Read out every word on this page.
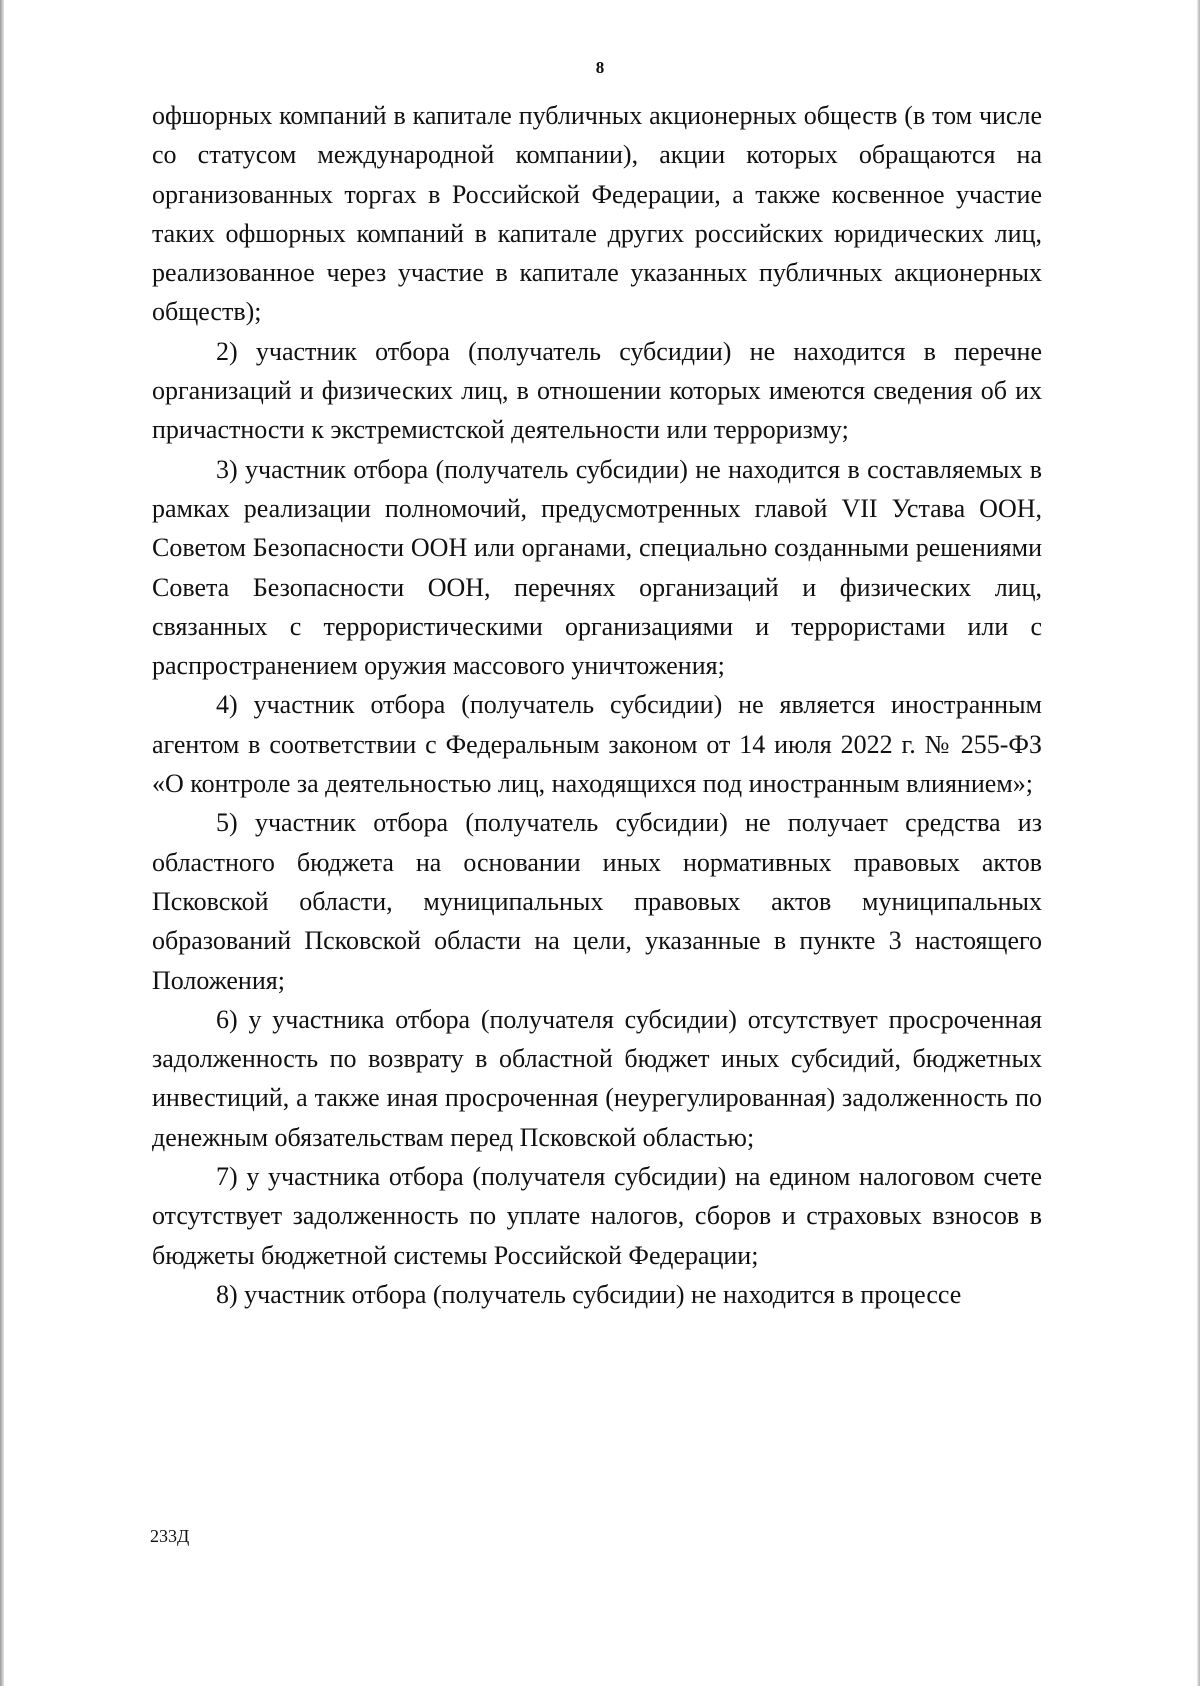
8

офшорных компаний в капитале публичных акционерных обществ (в том числе со статусом международной компании), акции которых обращаются на организованных торгах в Российской Федерации, а также косвенное участие таких офшорных компаний в капитале других российских юридических лиц, реализованное через участие в капитале указанных публичных акционерных обществ);

2) участник отбора (получатель субсидии) не находится в перечне организаций и физических лиц, в отношении которых имеются сведения об их причастности к экстремистской деятельности или терроризму;

3) участник отбора (получатель субсидии) не находится в составляемых в рамках реализации полномочий, предусмотренных главой VII Устава ООН, Советом Безопасности ООН или органами, специально созданными решениями Совета Безопасности ООН, перечнях организаций и физических лиц, связанных с террористическими организациями и террористами или с распространением оружия массового уничтожения;

4) участник отбора (получатель субсидии) не является иностранным агентом в соответствии с Федеральным законом от 14 июля 2022 г. № 255-ФЗ «О контроле за деятельностью лиц, находящихся под иностранным влиянием»;

5) участник отбора (получатель субсидии) не получает средства из областного бюджета на основании иных нормативных правовых актов Псковской области, муниципальных правовых актов муниципальных образований Псковской области на цели, указанные в пункте 3 настоящего Положения;

6) у участника отбора (получателя субсидии) отсутствует просроченная задолженность по возврату в областной бюджет иных субсидий, бюджетных инвестиций, а также иная просроченная (неурегулированная) задолженность по денежным обязательствам перед Псковской областью;

7) у участника отбора (получателя субсидии) на едином налоговом счете отсутствует задолженность по уплате налогов, сборов и страховых взносов в бюджеты бюджетной системы Российской Федерации;

8) участник отбора (получатель субсидии) не находится в процессе

233Д
